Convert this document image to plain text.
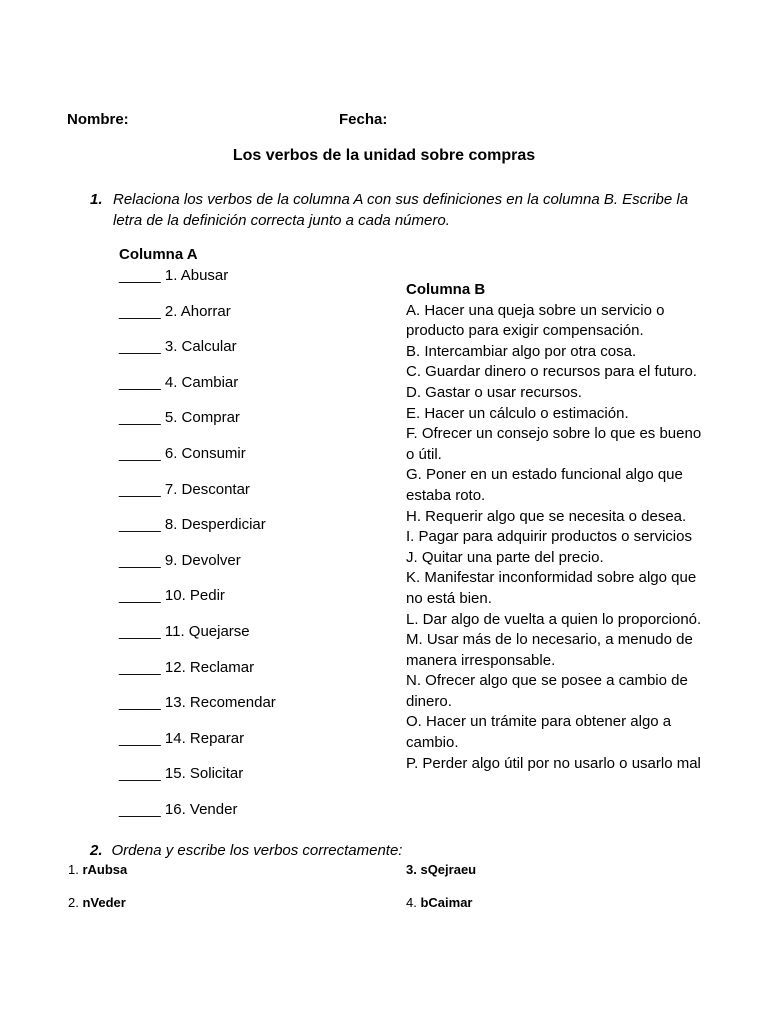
Nombre:	Fecha:
Los verbos de la unidad sobre compras
1. Relaciona los verbos de la columna A con sus definiciones en la columna B. Escribe la letra de la definición correcta junto a cada número.
Columna A
_____ 1. Abusar
_____ 2. Ahorrar
_____ 3. Calcular
_____ 4. Cambiar
_____ 5. Comprar
_____ 6. Consumir
_____ 7. Descontar
_____ 8. Desperdiciar
_____ 9. Devolver
_____ 10. Pedir
_____ 11. Quejarse
_____ 12. Reclamar
_____ 13. Recomendar
_____ 14. Reparar
_____ 15. Solicitar
_____ 16. Vender
Columna B
A. Hacer una queja sobre un servicio o producto para exigir compensación.
B. Intercambiar algo por otra cosa.
C. Guardar dinero o recursos para el futuro.
D. Gastar o usar recursos.
E. Hacer un cálculo o estimación.
F. Ofrecer un consejo sobre lo que es bueno o útil.
G. Poner en un estado funcional algo que estaba roto.
H. Requerir algo que se necesita o desea.
I. Pagar para adquirir productos o servicios
J. Quitar una parte del precio.
K. Manifestar inconformidad sobre algo que no está bien.
L. Dar algo de vuelta a quien lo proporcionó.
M. Usar más de lo necesario, a menudo de manera irresponsable.
N. Ofrecer algo que se posee a cambio de dinero.
O. Hacer un trámite para obtener algo a cambio.
P. Perder algo útil por no usarlo o usarlo mal
2. Ordena y escribe los verbos correctamente:
1. rAubsa
2. nVeder
3. sQejraeu
4. bCaimar
